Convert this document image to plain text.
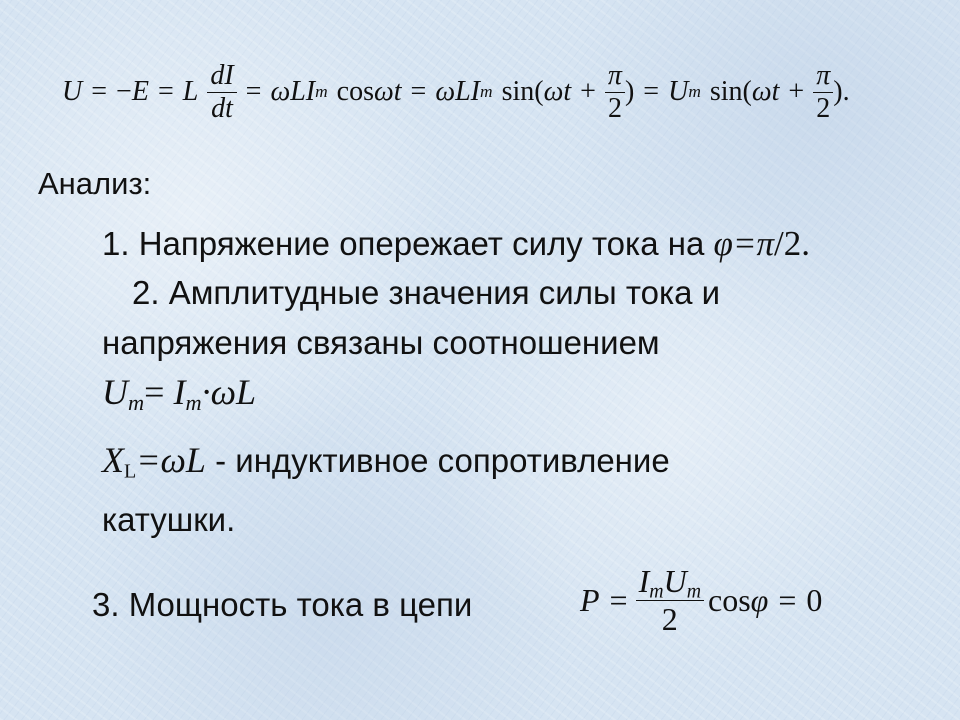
U = − E = L $\frac{dI}{dt} = \omega LI$ m cos ωt = ωLI m sin( $\omega t + \frac{\pi}{2}$ ) = U m sin( $\omega t + \frac{\pi}{2}$ ).
Анализ:
1. Напряжение опережает силу тока на φ=π/2.
2. Амплитудные значения силы тока и
напряжения связаны соотношением
$U_m= I_m\cdot\omega L$
$X_L=\omega L$ - индуктивное сопротивление
катушки.
3. Мощность тока в цепи	$P = \frac{I_mU_m}{2}$ cos φ = 0
